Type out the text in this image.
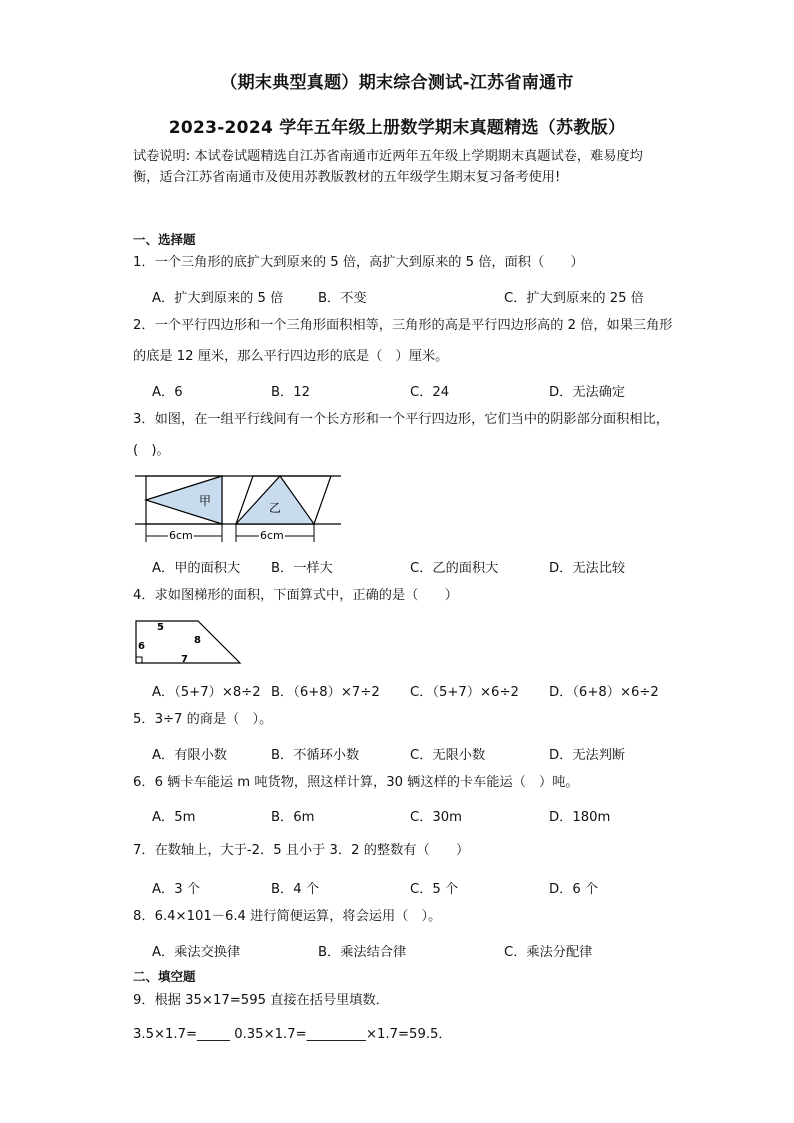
（期末典型真题）期末综合测试-江苏省南通市
2023-2024 学年五年级上册数学期末真题精选（苏教版）
试卷说明: 本试卷试题精选自江苏省南通市近两年五年级上学期期末真题试卷，难易度均衡，适合江苏省南通市及使用苏教版教材的五年级学生期末复习备考使用!
一、选择题
1．一个三角形的底扩大到原来的 5 倍，高扩大到原来的 5 倍，面积（　　）
A．扩大到原来的 5 倍	B．不变	C．扩大到原来的 25 倍
2．一个平行四边形和一个三角形面积相等，三角形的高是平行四边形高的 2 倍，如果三角形的底是 12 厘米，那么平行四边形的底是（　）厘米。
A．6	B．12	C．24	D．无法确定
3．如图，在一组平行线间有一个长方形和一个平行四边形，它们当中的阴影部分面积相比，(　)。
甲	乙
6cm	6cm
A．甲的面积大 B．一样大	C．乙的面积大	D．无法比较
4．求如图梯形的面积，下面算式中，正确的是（　　）
5
8
6
7
A．（5+7）×8÷2 B．（6+8）×7÷2 C．（5+7）×6÷2 D．（6+8）×6÷2
5．3÷7 的商是（　）。
A．有限小数	B．不循环小数	C．无限小数	D．无法判断
6．6 辆卡车能运 m 吨货物，照这样计算，30 辆这样的卡车能运（　）吨。
A．5m	B．6m	C．30m	D．180m
7．在数轴上，大于-2．5 且小于 3．2 的整数有（　　）
A．3 个	B．4 个	C．5 个	D．6 个
8．6.4×101－6.4 进行简便运算，将会运用（　）。
A．乘法交换律	B．乘法结合律	C．乘法分配律
二、填空题
9．根据 35×17=595 直接在括号里填数．
3.5×1.7=_____ 0.35×1.7=_________×1.7=59.5．
